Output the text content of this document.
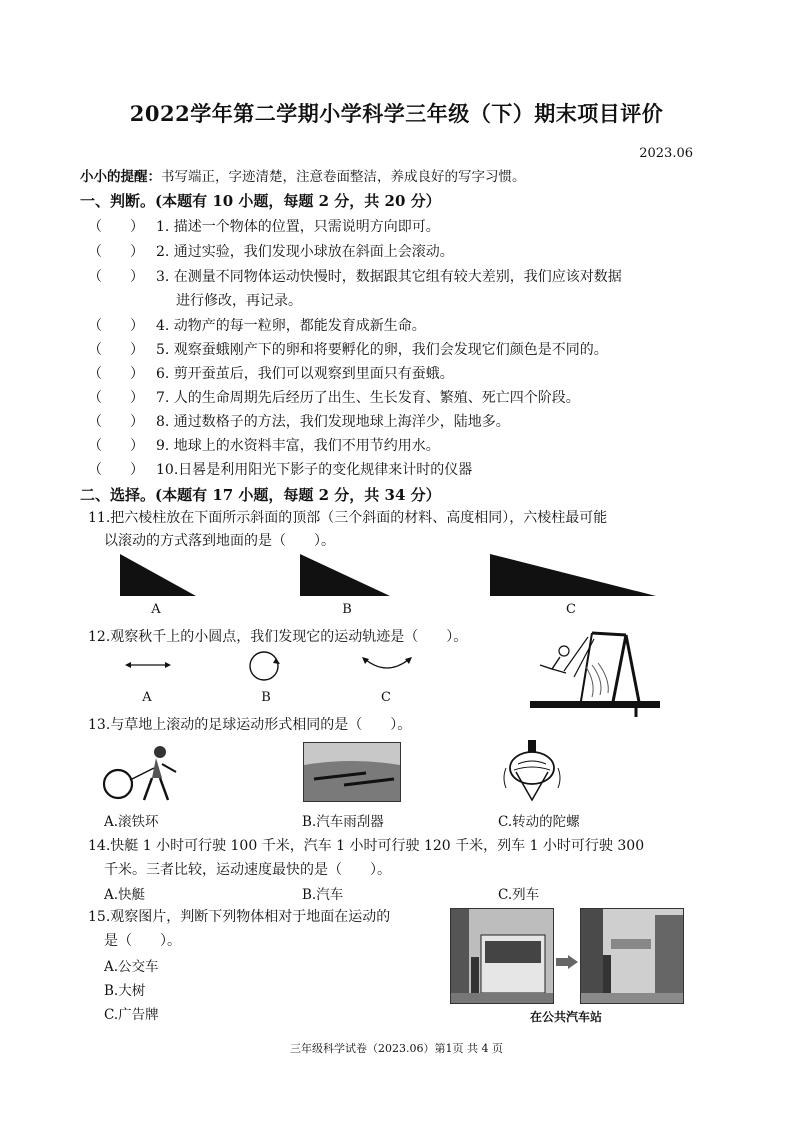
2022学年第二学期小学科学三年级（下）期末项目评价
2023.06
小小的提醒：书写端正，字迹清楚，注意卷面整洁，养成良好的写字习惯。
一、判断。(本题有 10 小题，每题 2 分，共 20 分）
（　　） 1. 描述一个物体的位置，只需说明方向即可。
（　　） 2. 通过实验，我们发现小球放在斜面上会滚动。
（　　） 3. 在测量不同物体运动快慢时，数据跟其它组有较大差别，我们应该对数据
进行修改，再记录。
（　　） 4. 动物产的每一粒卵，都能发育成新生命。
（　　） 5. 观察蚕蛾刚产下的卵和将要孵化的卵，我们会发现它们颜色是不同的。
（　　） 6. 剪开蚕茧后，我们可以观察到里面只有蚕蛾。
（　　） 7. 人的生命周期先后经历了出生、生长发育、繁殖、死亡四个阶段。
（　　） 8. 通过数格子的方法，我们发现地球上海洋少，陆地多。
（　　） 9. 地球上的水资料丰富，我们不用节约用水。
（　　） 10.日晷是利用阳光下影子的变化规律来计时的仪器
二、选择。(本题有 17 小题，每题 2 分，共 34 分）
11.把六棱柱放在下面所示斜面的顶部（三个斜面的材料、高度相同），六棱柱最可能
以滚动的方式落到地面的是（　　）。
A	B	C
12.观察秋千上的小圆点，我们发现它的运动轨迹是（　　）。
A	B	C
13.与草地上滚动的足球运动形式相同的是（　　）。
A.滚铁环	B.汽车雨刮器	C.转动的陀螺
14.快艇 1 小时可行驶 100 千米，汽车 1 小时可行驶 120 千米，列车 1 小时可行驶 300
千米。三者比较，运动速度最快的是（　　）。
A.快艇	B.汽车	C.列车
15.观察图片，判断下列物体相对于地面在运动的
是（　　）。
A.公交车
B.大树
C.广告牌	在公共汽车站
三年级科学试卷（2023.06）第1页 共 4 页
